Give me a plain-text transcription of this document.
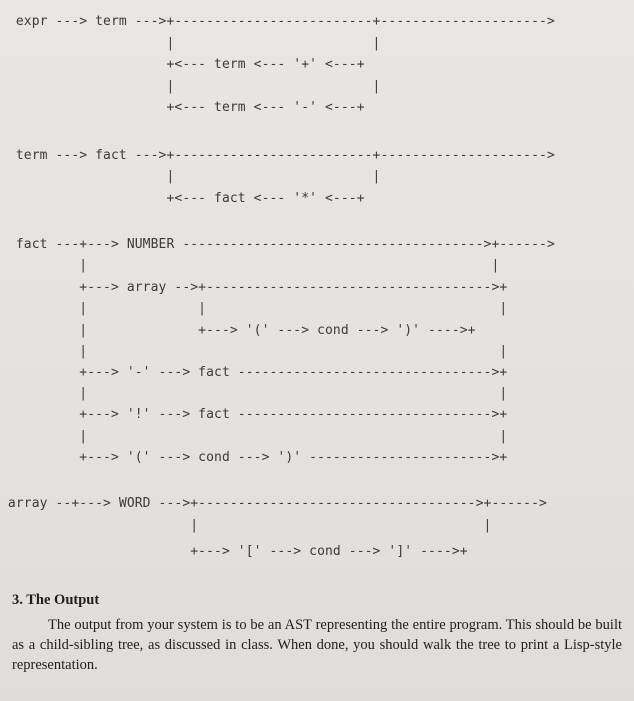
expr ---> term --->+-------------------------+--------------------->
|                         |
+<--- term <--- '+' <---+
|                         |
+<--- term <--- '-' <---+
term ---> fact --->+-------------------------+--------------------->
|                         |
+<--- fact <--- '*' <---+
fact ---+---> NUMBER -------------------------------------->+------>
|                                                   |
+---> array -->+------------------------------------>+
|              |                                     |
|              +---> '(' ---> cond ---> ')' ---->+
|                                                    |
+---> '-' ---> fact -------------------------------->+
|                                                    |
+---> '!' ---> fact -------------------------------->+
|                                                    |
+---> '(' ---> cond ---> ')' ----------------------->+
array --+---> WORD --->+----------------------------------->+------>
|                                    |
+---> '[' ---> cond ---> ']' ---->+
3. The Output

The output from your system is to be an AST representing the entire program. This should be built as a child-sibling tree, as discussed in class. When done, you should walk the tree to print a Lisp-style representation.
